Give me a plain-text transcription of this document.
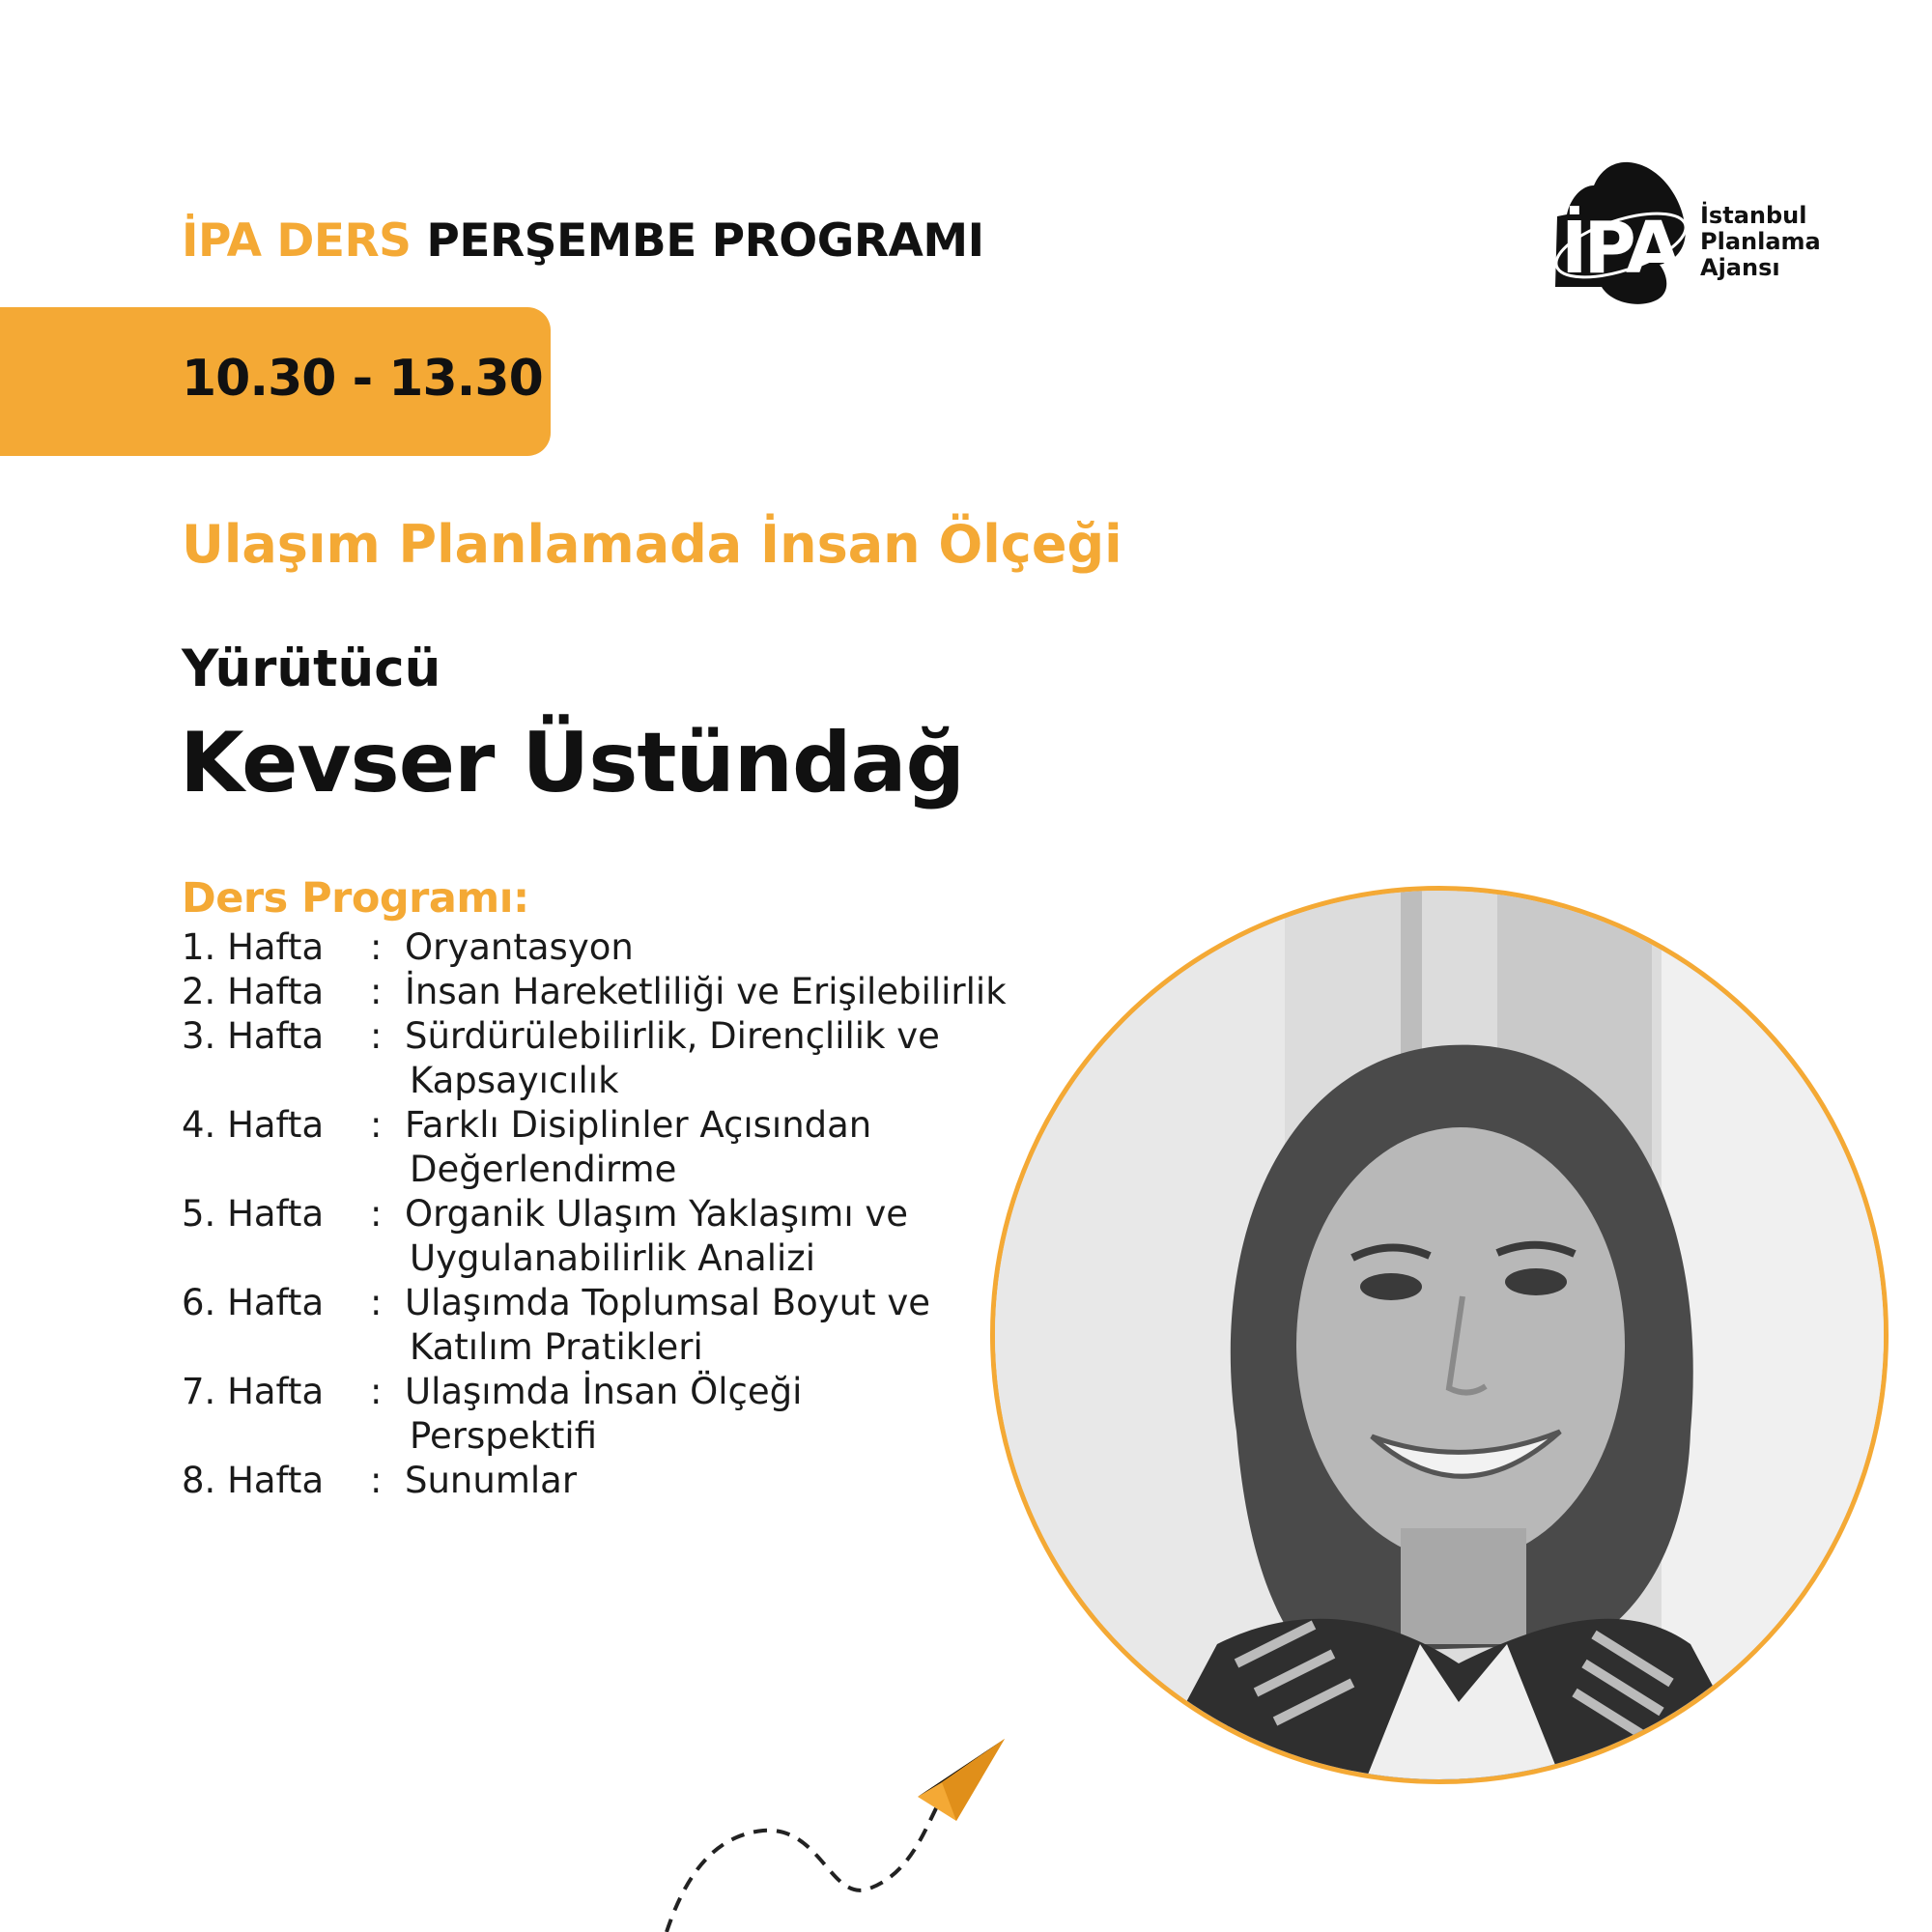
İPA DERS PERŞEMBE PROGRAMI	İPA İstanbul
Planlama
Ajansı
10.30 - 13.30
Ulaşım Planlamada İnsan Ölçeği
Yürütücü
Kevser Üstündağ
Ders Programı:
1. Hafta	: Oryantasyon
2. Hafta	: İnsan Hareketliliği ve Erişilebilirlik
3. Hafta	: Sürdürülebilirlik, Dirençlilik ve
Kapsayıcılık
4. Hafta	: Farklı Disiplinler Açısından
Değerlendirme
5. Hafta	: Organik Ulaşım Yaklaşımı ve
Uygulanabilirlik Analizi
6. Hafta	: Ulaşımda Toplumsal Boyut ve
Katılım Pratikleri
7. Hafta	: Ulaşımda İnsan Ölçeği
Perspektifi
8. Hafta	: Sunumlar
